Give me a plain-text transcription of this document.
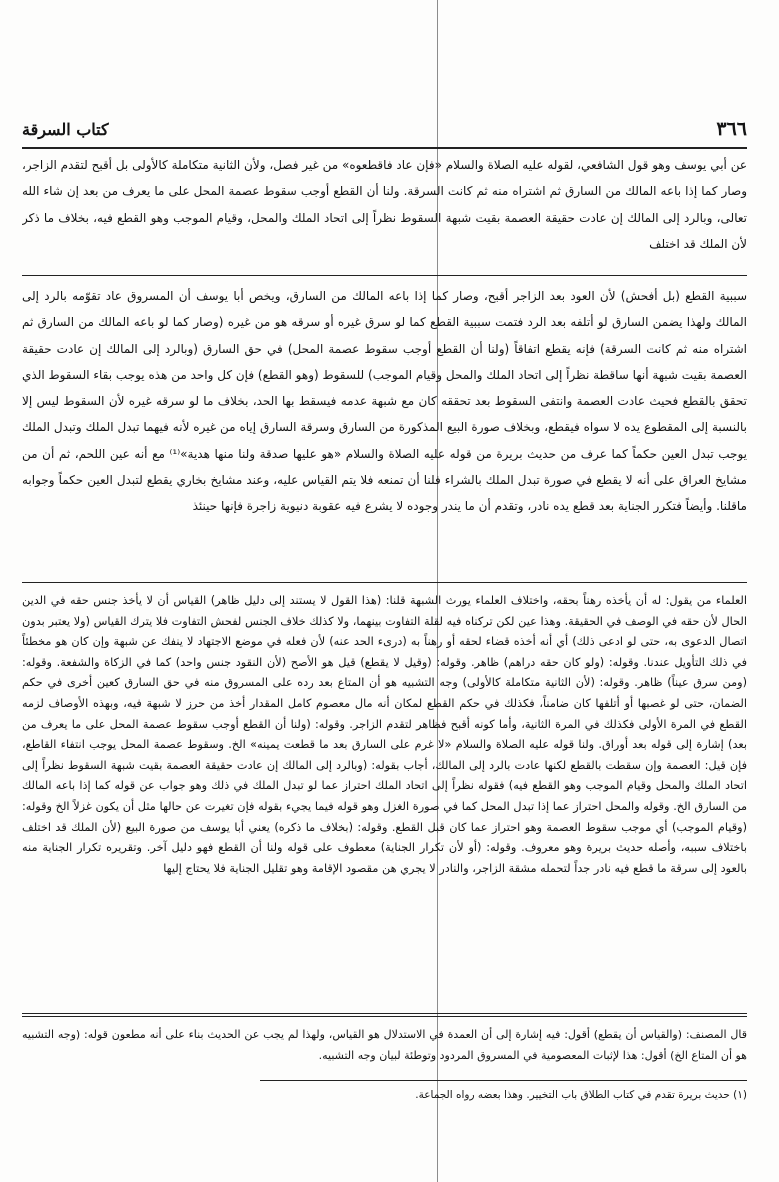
٣٦٦
كتاب السرقة

عن أبي يوسف وهو قول الشافعي، لقوله عليه الصلاة والسلام «فإن عاد فاقطعوه» من غير فصل، ولأن الثانية متكاملة كالأولى بل أقبح لتقدم الزاجر، وصار كما إذا باعه المالك من السارق ثم اشتراه منه ثم كانت السرقة. ولنا أن القطع أوجب سقوط عصمة المحل على ما يعرف من بعد إن شاء الله تعالى، وبالرد إلى المالك إن عادت حقيقة العصمة بقيت شبهة السقوط نظراً إلى اتحاد الملك والمحل، وقيام الموجب وهو القطع فيه، بخلاف ما ذكر لأن الملك قد اختلف

سببية القطع (بل أفحش) لأن العود بعد الزاجر أقبح، وصار كما إذا باعه المالك من السارق، ويخص أبا يوسف أن المسروق عاد تقوّمه بالرد إلى المالك ولهذا يضمن السارق لو أتلفه بعد الرد فتمت سببية القطع كما لو سرق غيره أو سرقه هو من غيره (وصار كما لو باعه المالك من السارق ثم اشتراه منه ثم كانت السرقة) فإنه يقطع اتفاقاً (ولنا أن القطع أوجب سقوط عصمة المحل) في حق السارق (وبالرد إلى المالك إن عادت حقيقة العصمة بقيت شبهة أنها ساقطة نظراً إلى اتحاد الملك والمحل وقيام الموجب) للسقوط (وهو القطع) فإن كل واحد من هذه يوجب بقاء السقوط الذي تحقق بالقطع فحيث عادت العصمة وانتفى السقوط بعد تحققه كان مع شبهة عدمه فيسقط بها الحد، بخلاف ما لو سرقه غيره لأن السقوط ليس إلا بالنسبة إلى المقطوع يده لا سواه فيقطع، وبخلاف صورة البيع المذكورة من السارق وسرقة السارق إياه من غيره لأنه فيهما تبدل الملك وتبدل الملك يوجب تبدل العين حكماً كما عرف من حديث بريرة من قوله عليه الصلاة والسلام «هو عليها صدقة ولنا منها هدية»⁽¹⁾ مع أنه عين اللحم، ثم أن من مشايخ العراق على أنه لا يقطع في صورة تبدل الملك بالشراء فلنا أن تمنعه فلا يتم القياس عليه، وعند مشايخ بخاري يقطع لتبدل العين حكماً وجوابه ماقلنا. وأيضاً فتكرر الجناية بعد قطع يده نادر، وتقدم أن ما يندر وجوده لا يشرع فيه عقوبة دنيوية زاجرة فإنها حينئذ

العلماء من يقول: له أن يأخذه رهناً بحقه، واختلاف العلماء يورث الشبهة قلنا: (هذا القول لا يستند إلى دليل ظاهر) القياس أن لا يأخذ جنس حقه في الدين الحال لأن حقه في الوصف في الحقيقة. وهذا عين لكن تركناه فيه لقلة التفاوت بينهما، ولا كذلك خلاف الجنس لفحش التفاوت فلا يترك القياس (ولا يعتبر بدون اتصال الدعوى به، حتى لو ادعى ذلك) أي أنه أخذه قضاء لحقه أو رهناً به (درىء الحد عنه) لأن فعله في موضع الاجتهاد لا ينفك عن شبهة وإن كان هو مخطئاً في ذلك التأويل عندنا. وقوله: (ولو كان حقه دراهم) ظاهر. وقوله: (وقيل لا يقطع) قيل هو الأصح (لأن النقود جنس واحد) كما في الزكاة والشفعة. وقوله: (ومن سرق عيناً) ظاهر. وقوله: (لأن الثانية متكاملة كالأولى) وجه التشبيه هو أن المتاع بعد رده على المسروق منه في حق السارق كعين أخرى في حكم الضمان، حتى لو غصبها أو أتلفها كان ضامناً، فكذلك في حكم القطع لمكان أنه مال معصوم كامل المقدار أخذ من حرز لا شبهة فيه، وبهذه الأوصاف لزمه القطع في المرة الأولى فكذلك في المرة الثانية، وأما كونه أقبح فظاهر لتقدم الزاجر. وقوله: (ولنا أن القطع أوجب سقوط عصمة المحل على ما يعرف من بعد) إشارة إلى قوله بعد أوراق. ولنا قوله عليه الصلاة والسلام «لا غرم على السارق بعد ما قطعت يمينه» الخ. وسقوط عصمة المحل يوجب انتفاء القاطع، فإن قيل: العصمة وإن سقطت بالقطع لكنها عادت بالرد إلى المالك، أجاب بقوله: (وبالرد إلى المالك إن عادت حقيقة العصمة بقيت شبهة السقوط نظراً إلى اتحاد الملك والمحل وقيام الموجب وهو القطع فيه) فقوله نظراً إلى اتحاد الملك احتراز عما لو تبدل الملك في ذلك وهو جواب عن قوله كما إذا باعه المالك من السارق الخ. وقوله والمحل احتراز عما إذا تبدل المحل كما في صورة الغزل وهو قوله فيما يجيء بقوله فإن تغيرت عن حالها مثل أن يكون غزلاً الخ وقوله: (وقيام الموجب) أي موجب سقوط العصمة وهو احتراز عما كان قبل القطع. وقوله: (بخلاف ما ذكره) يعني أبا يوسف من صورة البيع (لأن الملك قد اختلف باختلاف سببه، وأصله حديث بريرة وهو معروف. وقوله: (أو لأن تكرار الجناية) معطوف على قوله ولنا أن القطع فهو دليل آخر. وتقريره تكرار الجناية منه بالعود إلى سرقة ما قطع فيه نادر جداً لتحمله مشقة الزاجر، والنادر لا يجري هن مقصود الإقامة وهو تقليل الجناية فلا يحتاج إليها

قال المصنف: (والقياس أن يقطع) أقول: فيه إشارة إلى أن العمدة في الاستدلال هو القياس، ولهذا لم يجب عن الحديث بناء على أنه مطعون قوله: (وجه التشبيه هو أن المتاع الخ) أقول: هذا لإثبات المعصومية في المسروق المردود وتوطئة لبيان وجه التشبيه.

(١) حديث بريرة تقدم في كتاب الطلاق باب التخيير. وهذا بعضه رواه الجماعة.
